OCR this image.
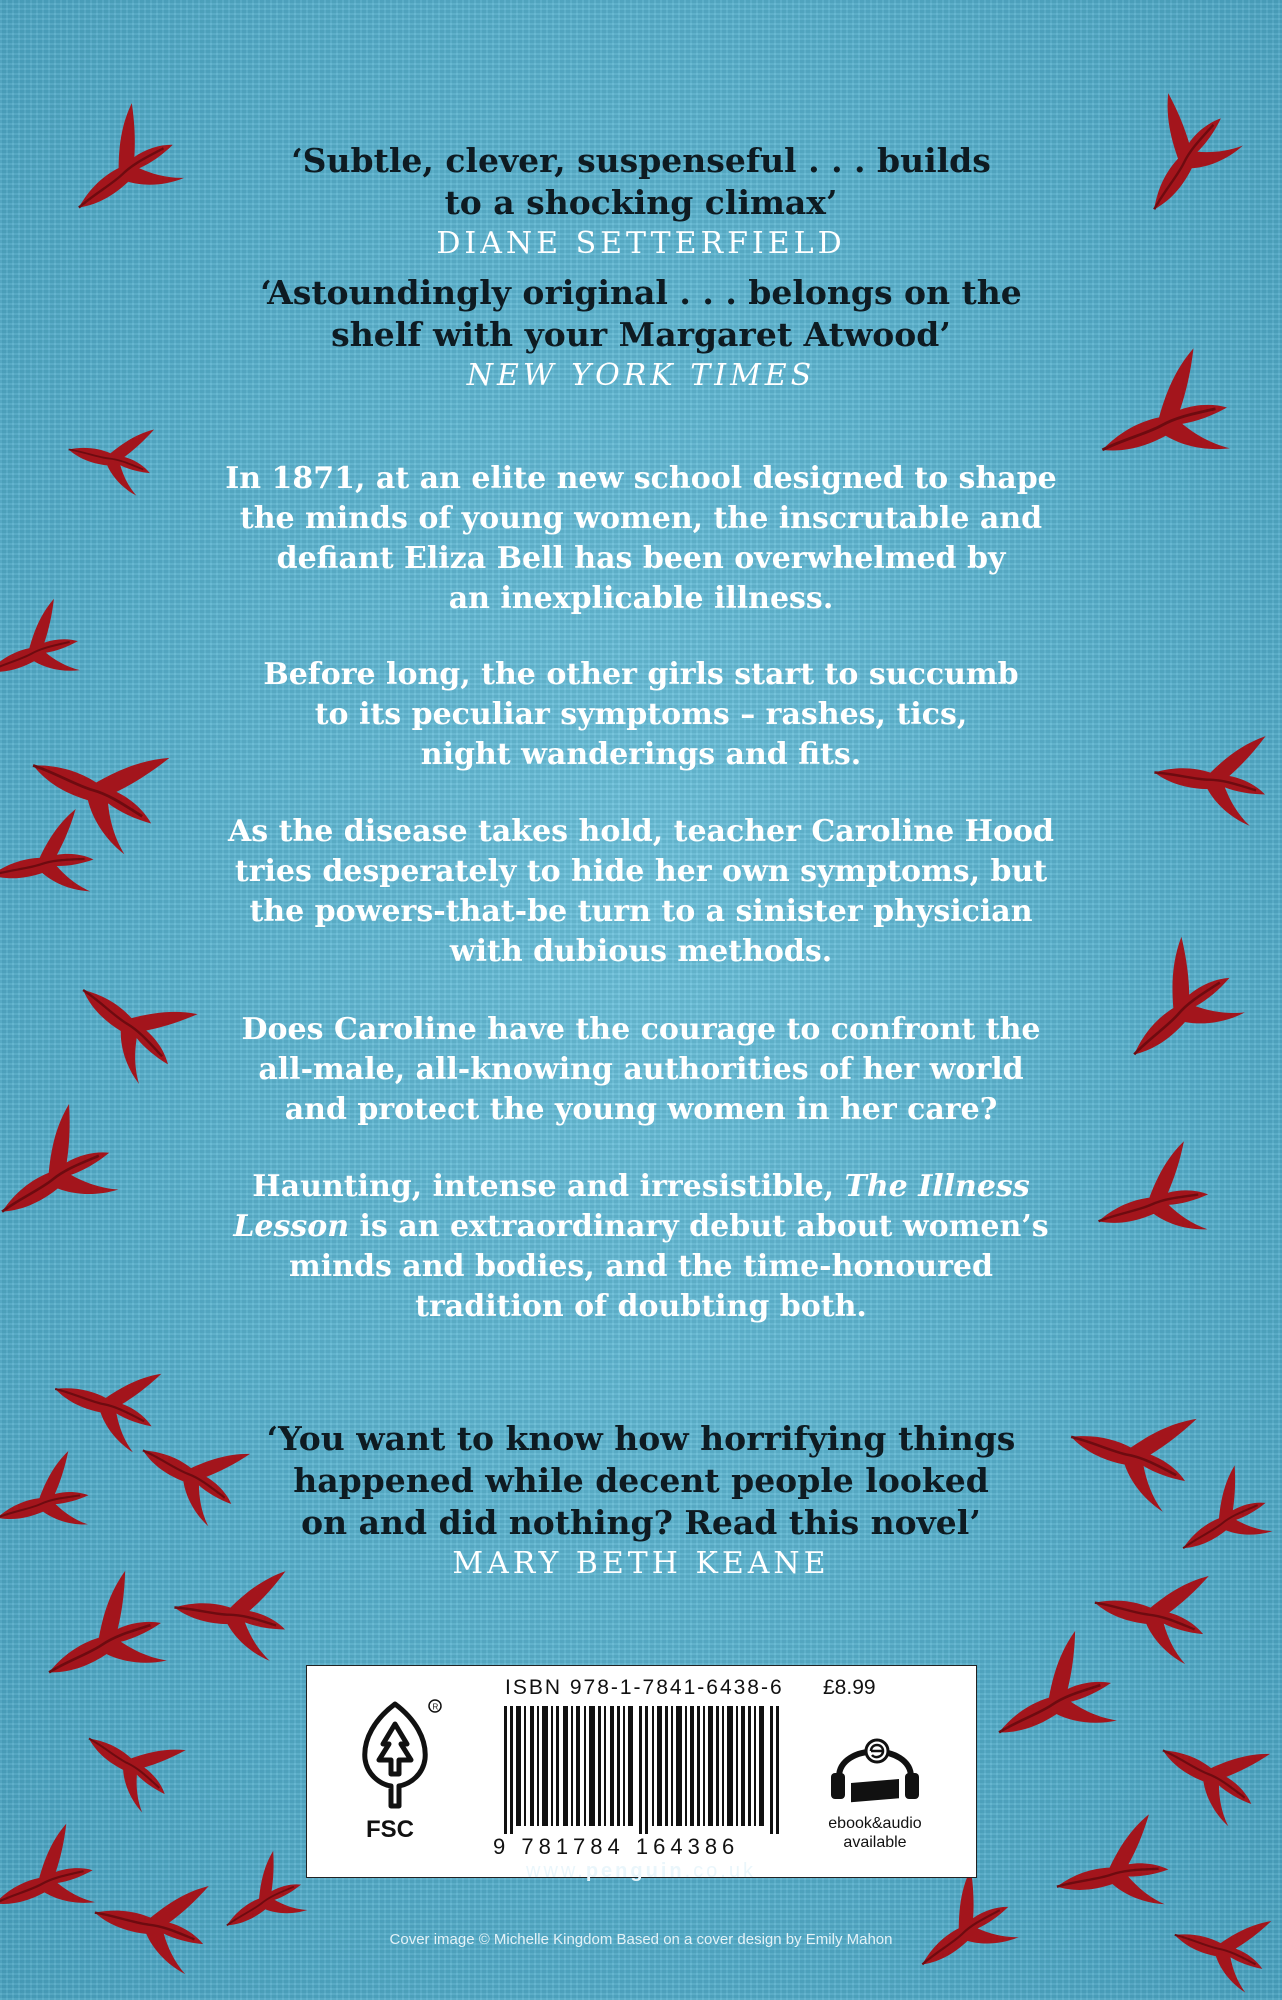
‘Subtle, clever, suspenseful . . . builds
to a shocking climax’
DIANE SETTERFIELD
‘Astoundingly original . . . belongs on the
shelf with your Margaret Atwood’
NEW YORK TIMES
In 1871, at an elite new school designed to shape
the minds of young women, the inscrutable and
defiant Eliza Bell has been overwhelmed by
an inexplicable illness.
Before long, the other girls start to succumb
to its peculiar symptoms – rashes, tics,
night wanderings and fits.
As the disease takes hold, teacher Caroline Hood
tries desperately to hide her own symptoms, but
the powers-that-be turn to a sinister physician
with dubious methods.
Does Caroline have the courage to confront the
all-male, all-knowing authorities of her world
and protect the young women in her care?
Haunting, intense and irresistible, The Illness
Lesson is an extraordinary debut about women’s
minds and bodies, and the time-honoured
tradition of doubting both.
‘You want to know how horrifying things
happened while decent people looked
on and did nothing? Read this novel’
MARY BETH KEANE
R
FSC
ISBN 978-1-7841-6438-6 £8.99
9 781784 164386
ebook&audio available
www.penguin.co.uk
Cover image © Michelle Kingdom Based on a cover design by Emily Mahon
